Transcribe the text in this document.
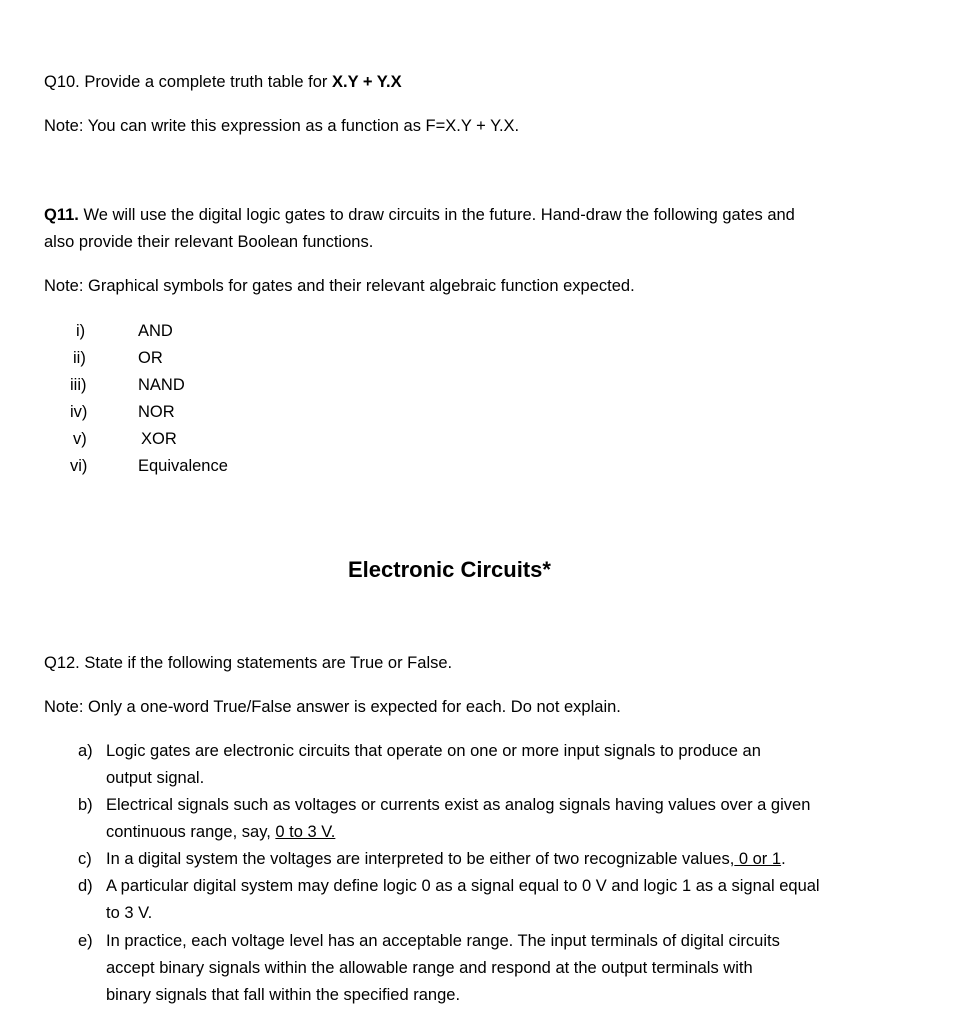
Q10. Provide a complete truth table for X.Y + Y.X
Note: You can write this expression as a function as F=X.Y + Y.X.
Q11. We will use the digital logic gates to draw circuits in the future. Hand-draw the following gates and
also provide their relevant Boolean functions.
Note: Graphical symbols for gates and their relevant algebraic function expected.
i)	AND
ii)	OR
iii)	NAND
iv)	NOR
v)	XOR
vi)	Equivalence
Electronic Circuits*
Q12. State if the following statements are True or False.
Note: Only a one-word True/False answer is expected for each. Do not explain.
a) Logic gates are electronic circuits that operate on one or more input signals to produce an
output signal.
b) Electrical signals such as voltages or currents exist as analog signals having values over a given
continuous range, say, 0 to 3 V.
c) In a digital system the voltages are interpreted to be either of two recognizable values, 0 or 1.
d) A particular digital system may define logic 0 as a signal equal to 0 V and logic 1 as a signal equal
to 3 V.
e) In practice, each voltage level has an acceptable range. The input terminals of digital circuits
accept binary signals within the allowable range and respond at the output terminals with
binary signals that fall within the specified range.
